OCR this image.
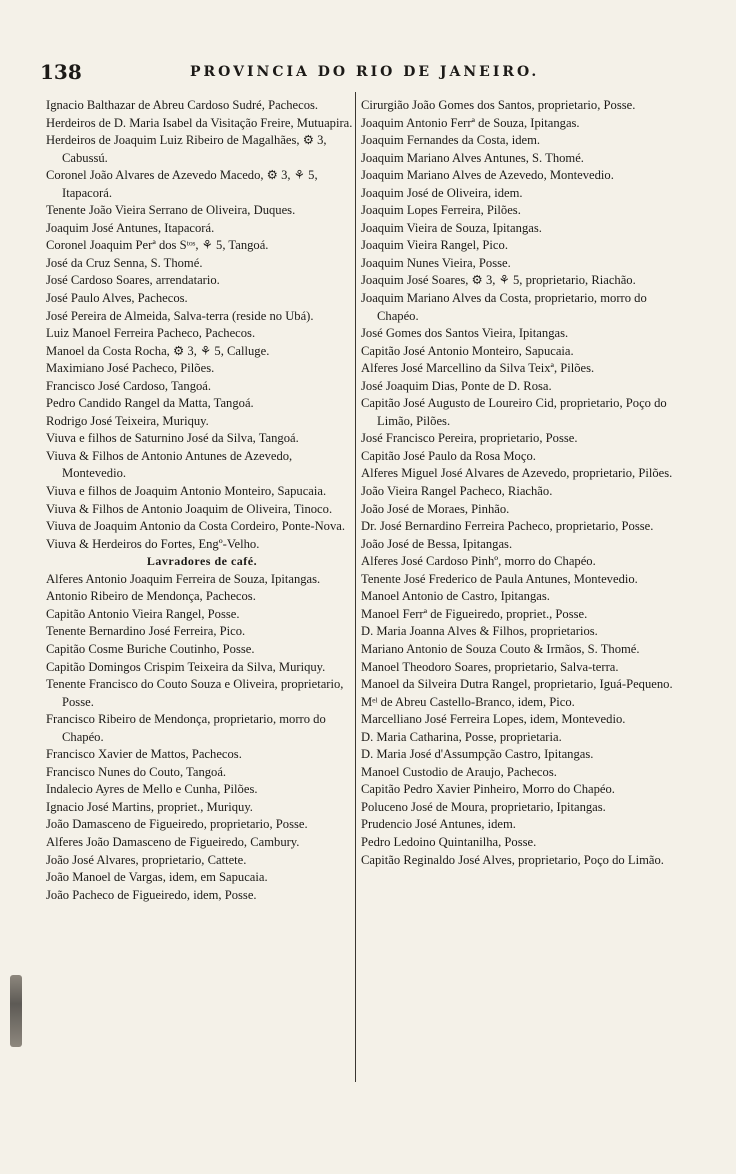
138	PROVINCIA DO RIO DE JANEIRO.
Ignacio Balthazar de Abreu Cardoso Sudré, Pachecos.
Herdeiros de D. Maria Isabel da Visitação Freire, Mutuapira.
Herdeiros de Joaquim Luiz Ribeiro de Magalhães, ⚙ 3, Cabussú.
Coronel João Alvares de Azevedo Macedo, ⚙ 3, ⚘ 5, Itapacorá.
Tenente João Vieira Serrano de Oliveira, Duques.
Joaquim José Antunes, Itapacorá.
Coronel Joaquim Perª dos Sᵗᵒˢ, ⚘ 5, Tangoá.
José da Cruz Senna, S. Thomé.
José Cardoso Soares, arrendatario.
José Paulo Alves, Pachecos.
José Pereira de Almeida, Salva-terra (reside no Ubá).
Luiz Manoel Ferreira Pacheco, Pachecos.
Manoel da Costa Rocha, ⚙ 3, ⚘ 5, Calluge.
Maximiano José Pacheco, Pilões.
Francisco José Cardoso, Tangoá.
Pedro Candido Rangel da Matta, Tangoá.
Rodrigo José Teixeira, Muriquy.
Viuva e filhos de Saturnino José da Silva, Tangoá.
Viuva & Filhos de Antonio Antunes de Azevedo, Montevedio.
Viuva e filhos de Joaquim Antonio Monteiro, Sapucaia.
Viuva & Filhos de Antonio Joaquim de Oliveira, Tinoco.
Viuva de Joaquim Antonio da Costa Cordeiro, Ponte-Nova.
Viuva & Herdeiros do Fortes, Engº-Velho.
Lavradores de café.
Alferes Antonio Joaquim Ferreira de Souza, Ipitangas.
Antonio Ribeiro de Mendonça, Pachecos.
Capitão Antonio Vieira Rangel, Posse.
Tenente Bernardino José Ferreira, Pico.
Capitão Cosme Buriche Coutinho, Posse.
Capitão Domingos Crispim Teixeira da Silva, Muriquy.
Tenente Francisco do Couto Souza e Oliveira, proprietario, Posse.
Francisco Ribeiro de Mendonça, proprietario, morro do Chapéo.
Francisco Xavier de Mattos, Pachecos.
Francisco Nunes do Couto, Tangoá.
Indalecio Ayres de Mello e Cunha, Pilões.
Ignacio José Martins, propriet., Muriquy.
João Damasceno de Figueiredo, proprietario, Posse.
Alferes João Damasceno de Figueiredo, Cambury.
João José Alvares, proprietario, Cattete.
João Manoel de Vargas, idem, em Sapucaia.
João Pacheco de Figueiredo, idem, Posse.
Cirurgião João Gomes dos Santos, proprietario, Posse.
Joaquim Antonio Ferrª de Souza, Ipitangas.
Joaquim Fernandes da Costa, idem.
Joaquim Mariano Alves Antunes, S. Thomé.
Joaquim Mariano Alves de Azevedo, Montevedio.
Joaquim José de Oliveira, idem.
Joaquim Lopes Ferreira, Pilões.
Joaquim Vieira de Souza, Ipitangas.
Joaquim Vieira Rangel, Pico.
Joaquim Nunes Vieira, Posse.
Joaquim José Soares, ⚙ 3, ⚘ 5, proprietario, Riachão.
Joaquim Mariano Alves da Costa, proprietario, morro do Chapéo.
José Gomes dos Santos Vieira, Ipitangas.
Capitão José Antonio Monteiro, Sapucaia.
Alferes José Marcellino da Silva Teixª, Pilões.
José Joaquim Dias, Ponte de D. Rosa.
Capitão José Augusto de Loureiro Cid, proprietario, Poço do Limão, Pilões.
José Francisco Pereira, proprietario, Posse.
Capitão José Paulo da Rosa Moço.
Alferes Miguel José Alvares de Azevedo, proprietario, Pilões.
João Vieira Rangel Pacheco, Riachão.
João José de Moraes, Pinhão.
Dr. José Bernardino Ferreira Pacheco, proprietario, Posse.
João José de Bessa, Ipitangas.
Alferes José Cardoso Pinhº, morro do Chapéo.
Tenente José Frederico de Paula Antunes, Montevedio.
Manoel Antonio de Castro, Ipitangas.
Manoel Ferrª de Figueiredo, propriet., Posse.
D. Maria Joanna Alves & Filhos, proprietarios.
Mariano Antonio de Souza Couto & Irmãos, S. Thomé.
Manoel Theodoro Soares, proprietario, Salva-terra.
Manoel da Silveira Dutra Rangel, proprietario, Iguá-Pequeno.
Mᵉˡ de Abreu Castello-Branco, idem, Pico.
Marcelliano José Ferreira Lopes, idem, Montevedio.
D. Maria Catharina, Posse, proprietaria.
D. Maria José d'Assumpção Castro, Ipitangas.
Manoel Custodio de Araujo, Pachecos.
Capitão Pedro Xavier Pinheiro, Morro do Chapéo.
Poluceno José de Moura, proprietario, Ipitangas.
Prudencio José Antunes, idem.
Pedro Ledoino Quintanilha, Posse.
Capitão Reginaldo José Alves, proprietario, Poço do Limão.
